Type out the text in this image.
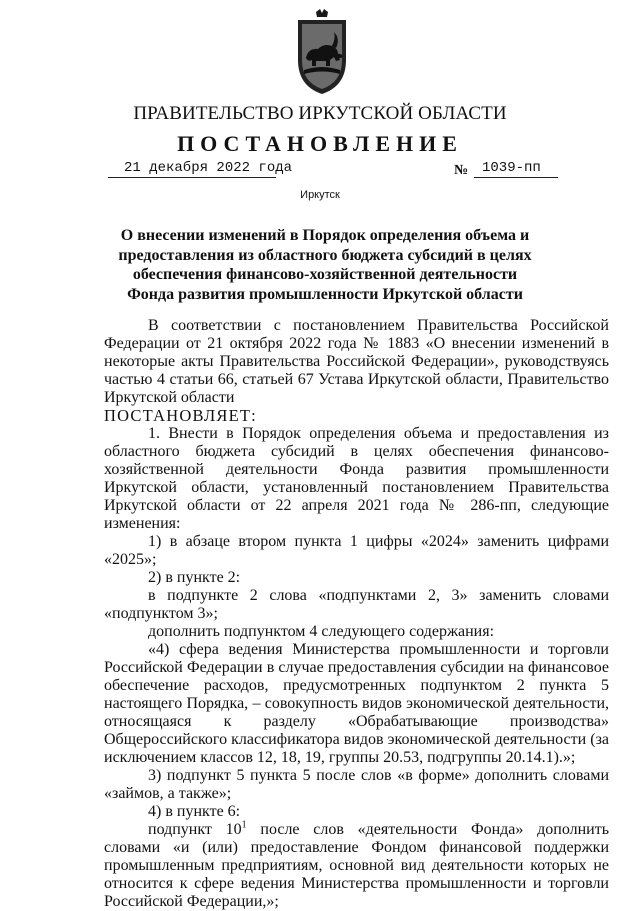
ПРАВИТЕЛЬСТВО ИРКУТСКОЙ ОБЛАСТИ
ПОСТАНОВЛЕНИЕ
21 декабря 2022 года	№ 1039-пп
Иркутск
О внесении изменений в Порядок определения объема и предоставления из областного бюджета субсидий в целях обеспечения финансово-хозяйственной деятельности Фонда развития промышленности Иркутской области

В соответствии с постановлением Правительства Российской Федерации от 21 октября 2022 года № 1883 «О внесении изменений в некоторые акты Правительства Российской Федерации», руководствуясь частью 4 статьи 66, статьей 67 Устава Иркутской области, Правительство Иркутской области

ПОСТАНОВЛЯЕТ:

1. Внести в Порядок определения объема и предоставления из областного бюджета субсидий в целях обеспечения финансово-хозяйственной деятельности Фонда развития промышленности Иркутской области, установленный постановлением Правительства Иркутской области от 22 апреля 2021 года № 286-пп, следующие изменения:

1) в абзаце втором пункта 1 цифры «2024» заменить цифрами «2025»;

2) в пункте 2:

в подпункте 2 слова «подпунктами 2, 3» заменить словами «подпунктом 3»;

дополнить подпунктом 4 следующего содержания:

«4) сфера ведения Министерства промышленности и торговли Российской Федерации в случае предоставления субсидии на финансовое обеспечение расходов, предусмотренных подпунктом 2 пункта 5 настоящего Порядка, – совокупность видов экономической деятельности, относящаяся к разделу «Обрабатывающие производства» Общероссийского классификатора видов экономической деятельности (за исключением классов 12, 18, 19, группы 20.53, подгруппы 20.14.1).»;

3) подпункт 5 пункта 5 после слов «в форме» дополнить словами «займов, а также»;

4) в пункте 6:

подпункт $10^1$ после слов «деятельности Фонда» дополнить словами «и (или) предоставление Фондом финансовой поддержки промышленным предприятиям, основной вид деятельности которых не относится к сфере ведения Министерства промышленности и торговли Российской Федерации,»;
